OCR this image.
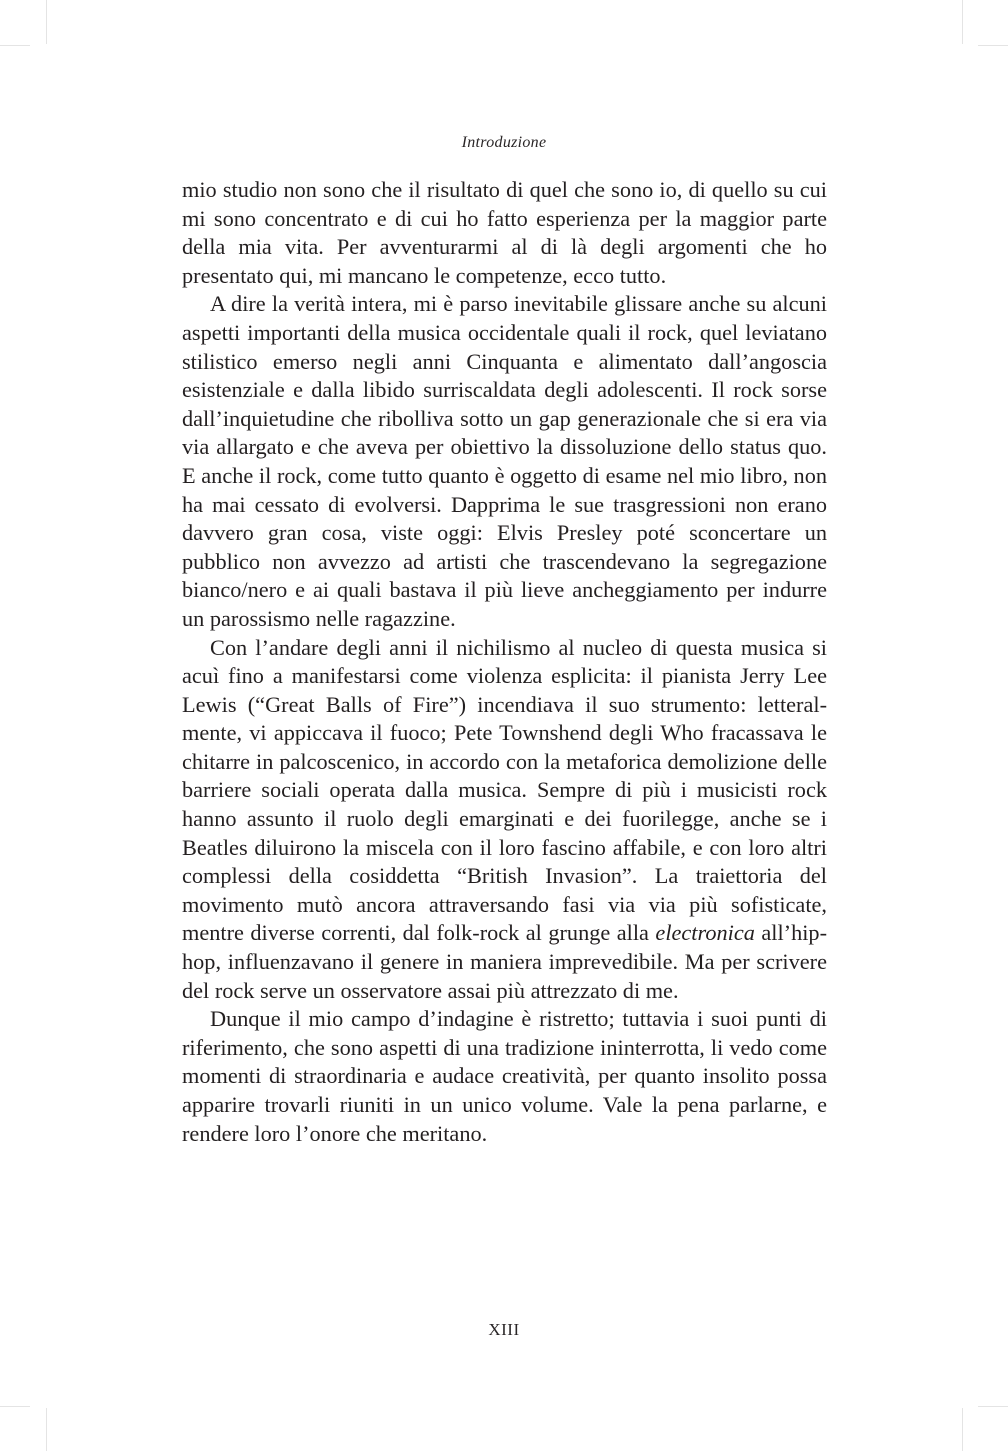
Introduzione

mio studio non sono che il risultato di quel che sono io, di quello su cui mi sono concentrato e di cui ho fatto esperienza per la maggior parte della mia vita. Per avventurarmi al di là degli argomenti che ho presentato qui, mi mancano le competenze, ecco tutto.

A dire la verità intera, mi è parso inevitabile glissare anche su alcuni aspetti importanti della musica occidentale quali il rock, quel leviatano stilistico emerso negli anni Cinquanta e alimentato dall’angoscia esistenziale e dalla libido surriscaldata degli adolescenti. Il rock sorse dall’inquietudine che ribolliva sotto un gap generazionale che si era via via allargato e che aveva per obiettivo la dissoluzione dello status quo. E anche il rock, come tutto quanto è oggetto di esame nel mio libro, non ha mai cessato di evolversi. Dapprima le sue trasgressioni non erano davvero gran cosa, viste oggi: Elvis Presley poté sconcertare un pubblico non avvezzo ad artisti che trascendevano la segregazione bianco/nero e ai quali bastava il più lieve ancheggiamento per indurre un parossismo nelle ragazzine.

Con l’andare degli anni il nichilismo al nucleo di questa musica si acuì fino a manifestarsi come violenza esplicita: il pianista Jerry Lee Lewis (“Great Balls of Fire”) incendiava il suo strumento: letteralmente, vi appiccava il fuoco; Pete Townshend degli Who fracassava le chitarre in palcoscenico, in accordo con la metaforica demolizione delle barriere sociali operata dalla musica. Sempre di più i musicisti rock hanno assunto il ruolo degli emarginati e dei fuorilegge, anche se i Beatles diluirono la miscela con il loro fascino affabile, e con loro altri complessi della cosiddetta “British Invasion”. La traiettoria del movimento mutò ancora attraversando fasi via via più sofisticate, mentre diverse correnti, dal folk-rock al grunge alla electronica all’hip-hop, influenzavano il genere in maniera imprevedibile. Ma per scrivere del rock serve un osservatore assai più attrezzato di me.

Dunque il mio campo d’indagine è ristretto; tuttavia i suoi punti di riferimento, che sono aspetti di una tradizione ininterrotta, li vedo come momenti di straordinaria e audace creatività, per quanto insolito possa apparire trovarli riuniti in un unico volume. Vale la pena parlarne, e rendere loro l’onore che meritano.

XIII
